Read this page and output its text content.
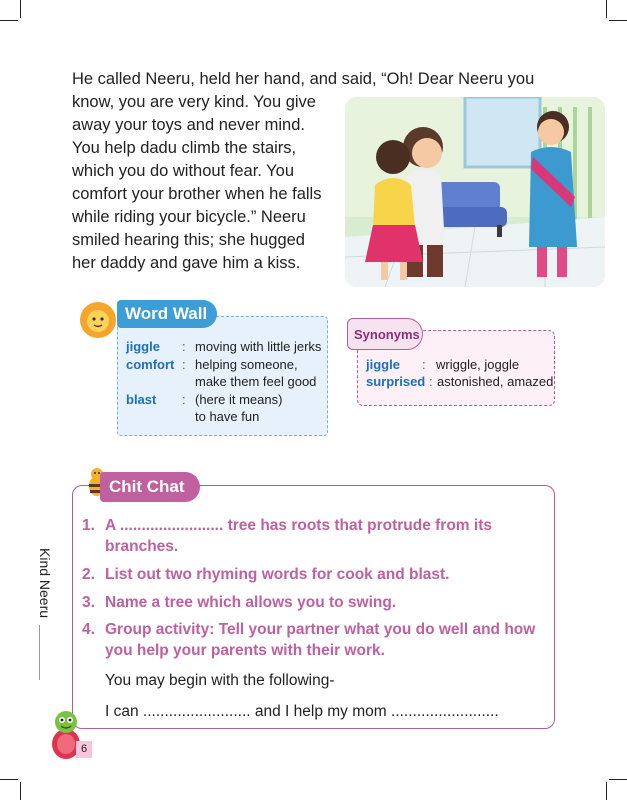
He called Neeru, held her hand, and said, “Oh! Dear Neeru you
know, you are very kind. You give
away your toys and never mind.
You help dadu climb the stairs,
which you do without fear. You
comfort your brother when he falls
while riding your bicycle.” Neeru
smiled hearing this; she hugged
her daddy and gave him a kiss.
jiggle : moving with little jerks
comfort : helping someone,
make them feel good
blast : (here it means)
to have fun
Word Wall
jiggle : wriggle, joggle
surprised : astonished, amazed
Synonyms
Chit Chat
1. A ........................ tree has roots that protrude from its branches.
2. List out two rhyming words for cook and blast.
3. Name a tree which allows you to swing.
4. Group activity: Tell your partner what you do well and how you help your parents with their work.
You may begin with the following-
I can ......................... and I help my mom .........................
Kind Neeru
6
